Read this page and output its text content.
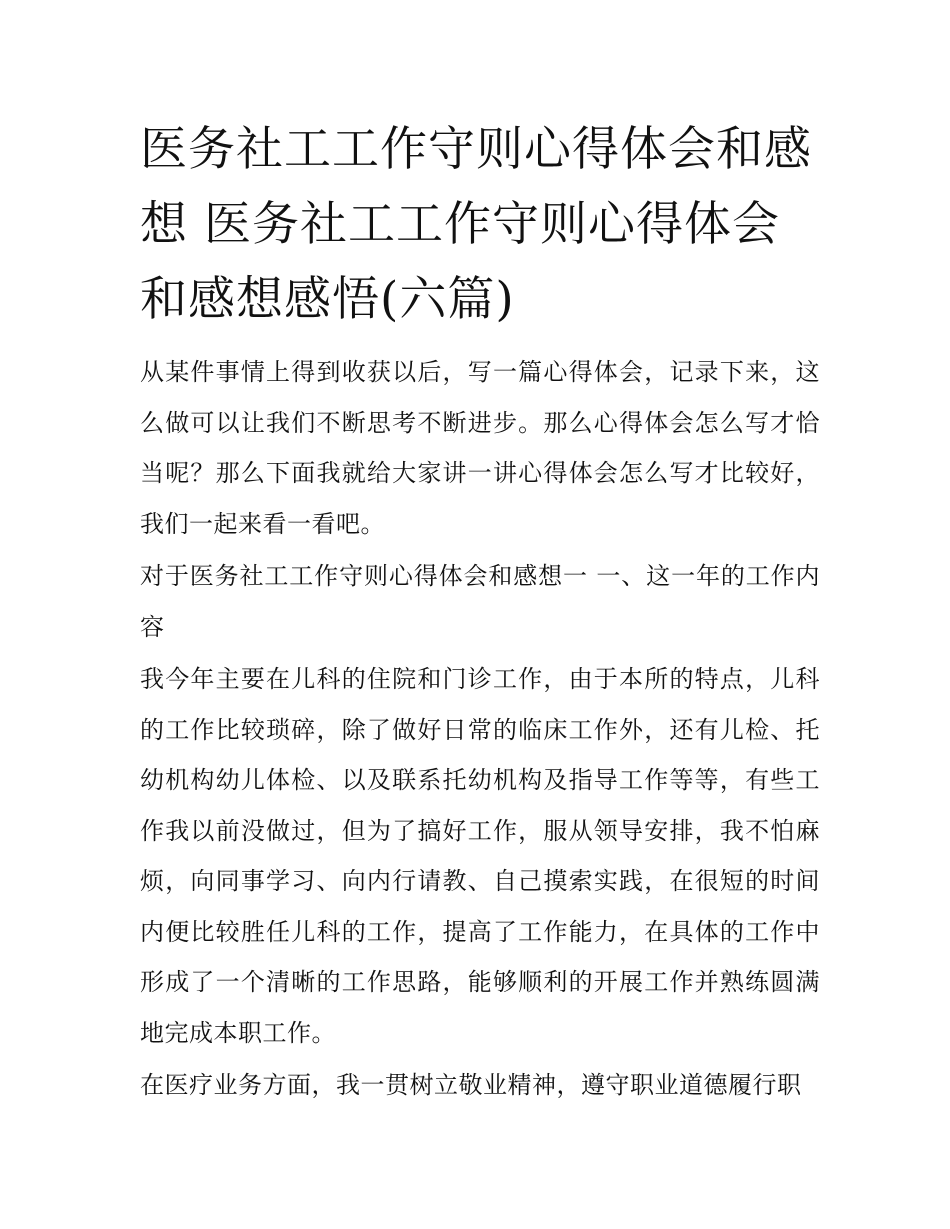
医务社工工作守则心得体会和感想 医务社工工作守则心得体会和感想感悟(六篇)

从某件事情上得到收获以后，写一篇心得体会，记录下来，这么做可以让我们不断思考不断进步。那么心得体会怎么写才恰当呢？那么下面我就给大家讲一讲心得体会怎么写才比较好，我们一起来看一看吧。

对于医务社工工作守则心得体会和感想一 一、这一年的工作内容

我今年主要在儿科的住院和门诊工作，由于本所的特点，儿科的工作比较琐碎，除了做好日常的临床工作外，还有儿检、托幼机构幼儿体检、以及联系托幼机构及指导工作等等，有些工作我以前没做过，但为了搞好工作，服从领导安排，我不怕麻烦，向同事学习、向内行请教、自己摸索实践，在很短的时间内便比较胜任儿科的工作，提高了工作能力，在具体的工作中形成了一个清晰的工作思路，能够顺利的开展工作并熟练圆满地完成本职工作。

在医疗业务方面，我一贯树立敬业精神，遵守职业道德履行职
